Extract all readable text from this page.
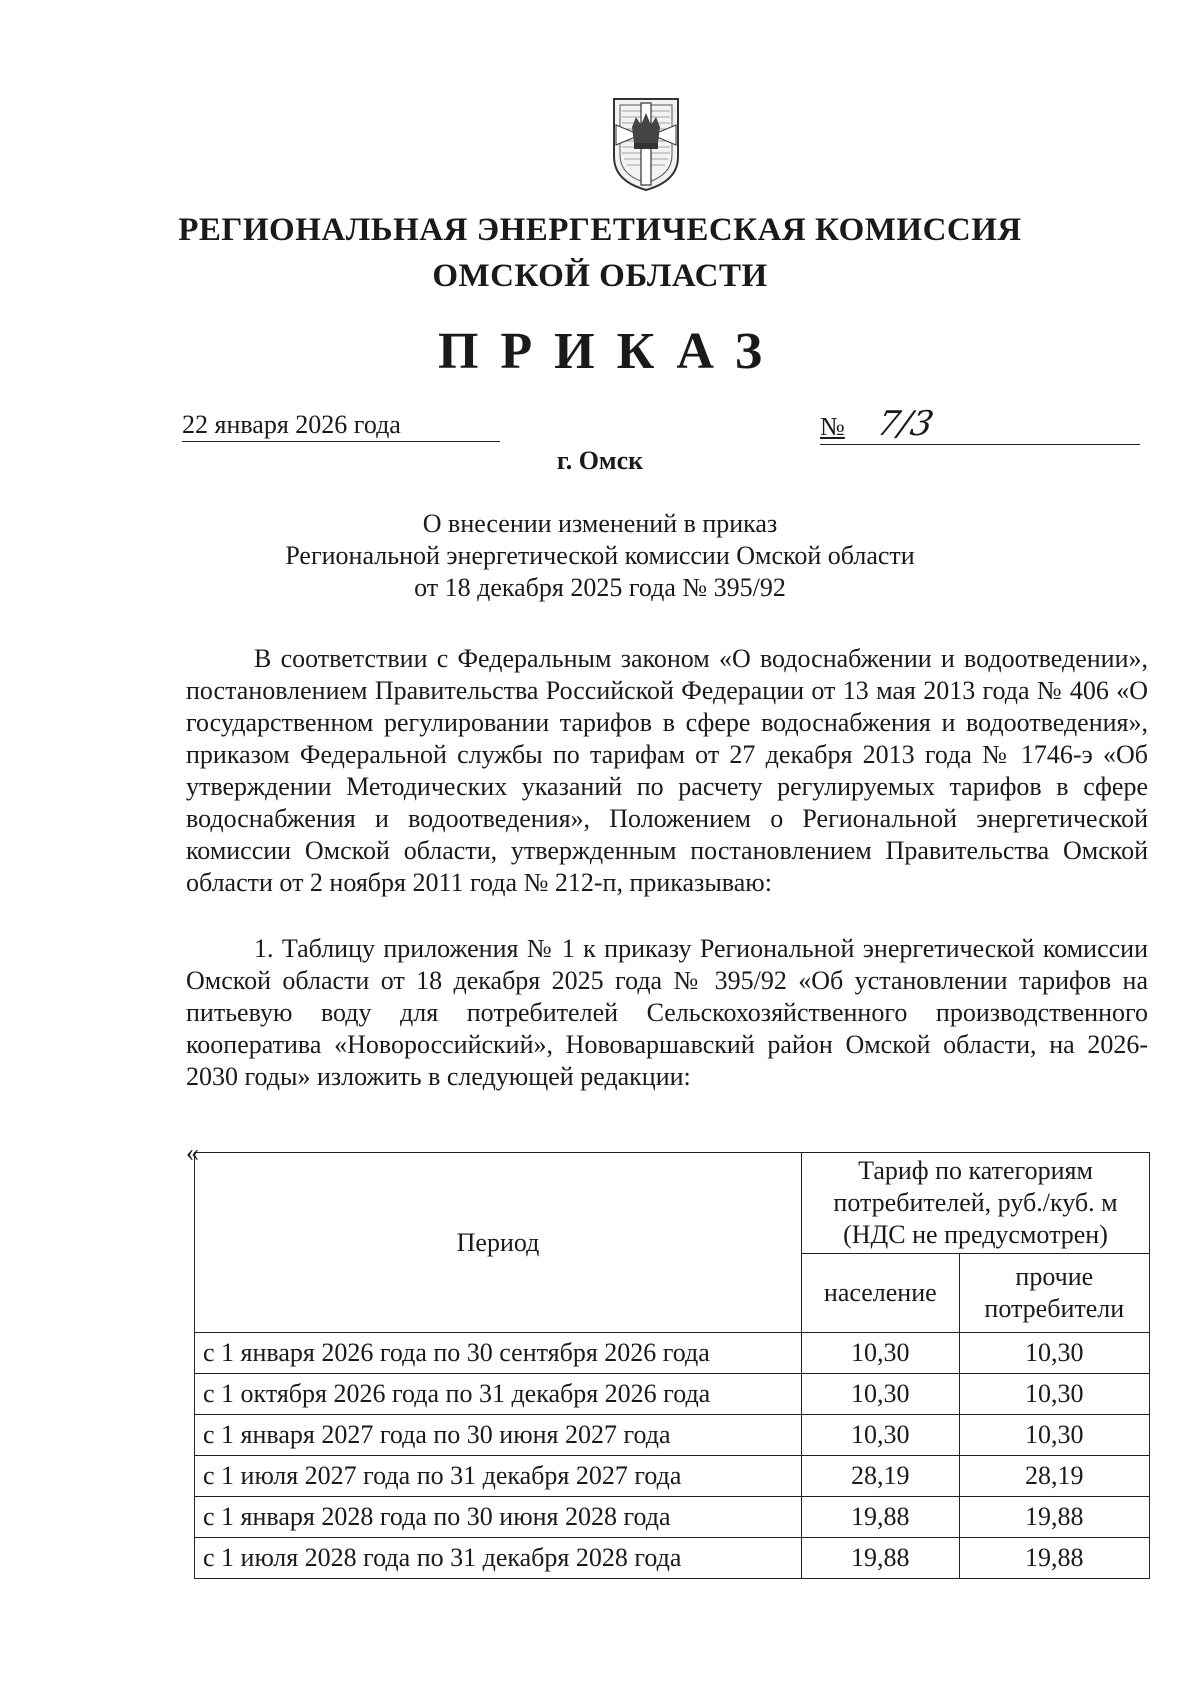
РЕГИОНАЛЬНАЯ ЭНЕРГЕТИЧЕСКАЯ КОМИССИЯ
ОМСКОЙ ОБЛАСТИ
ПРИКАЗ
22 января 2026 года	№ 7/3
г. Омск
О внесении изменений в приказ
Региональной энергетической комиссии Омской области
от 18 декабря 2025 года № 395/92
В соответствии с Федеральным законом «О водоснабжении и водоотведении», постановлением Правительства Российской Федерации от 13 мая 2013 года № 406 «О государственном регулировании тарифов в сфере водоснабжения и водоотведения», приказом Федеральной службы по тарифам от 27 декабря 2013 года № 1746-э «Об утверждении Методических указаний по расчету регулируемых тарифов в сфере водоснабжения и водоотведения», Положением о Региональной энергетической комиссии Омской области, утвержденным постановлением Правительства Омской области от 2 ноября 2011 года № 212-п, приказываю:
1. Таблицу приложения № 1 к приказу Региональной энергетической комиссии Омской области от 18 декабря 2025 года № 395/92 «Об установлении тарифов на питьевую воду для потребителей Сельскохозяйственного производственного кооператива «Новороссийский», Нововаршавский район Омской области, на 2026-2030 годы» изложить в следующей редакции:
«
Период	Тариф по категориям
потребителей, руб./куб. м
(НДС не предусмотрен)	

	население	прочие
потребители

с 1 января 2026 года по 30 сентября 2026 года	10,30	10,30
с 1 октября 2026 года по 31 декабря 2026 года	10,30	10,30
с 1 января 2027 года по 30 июня 2027 года	10,30	10,30
с 1 июля 2027 года по 31 декабря 2027 года	28,19	28,19
с 1 января 2028 года по 30 июня 2028 года	19,88	19,88
с 1 июля 2028 года по 31 декабря 2028 года	19,88	19,88
